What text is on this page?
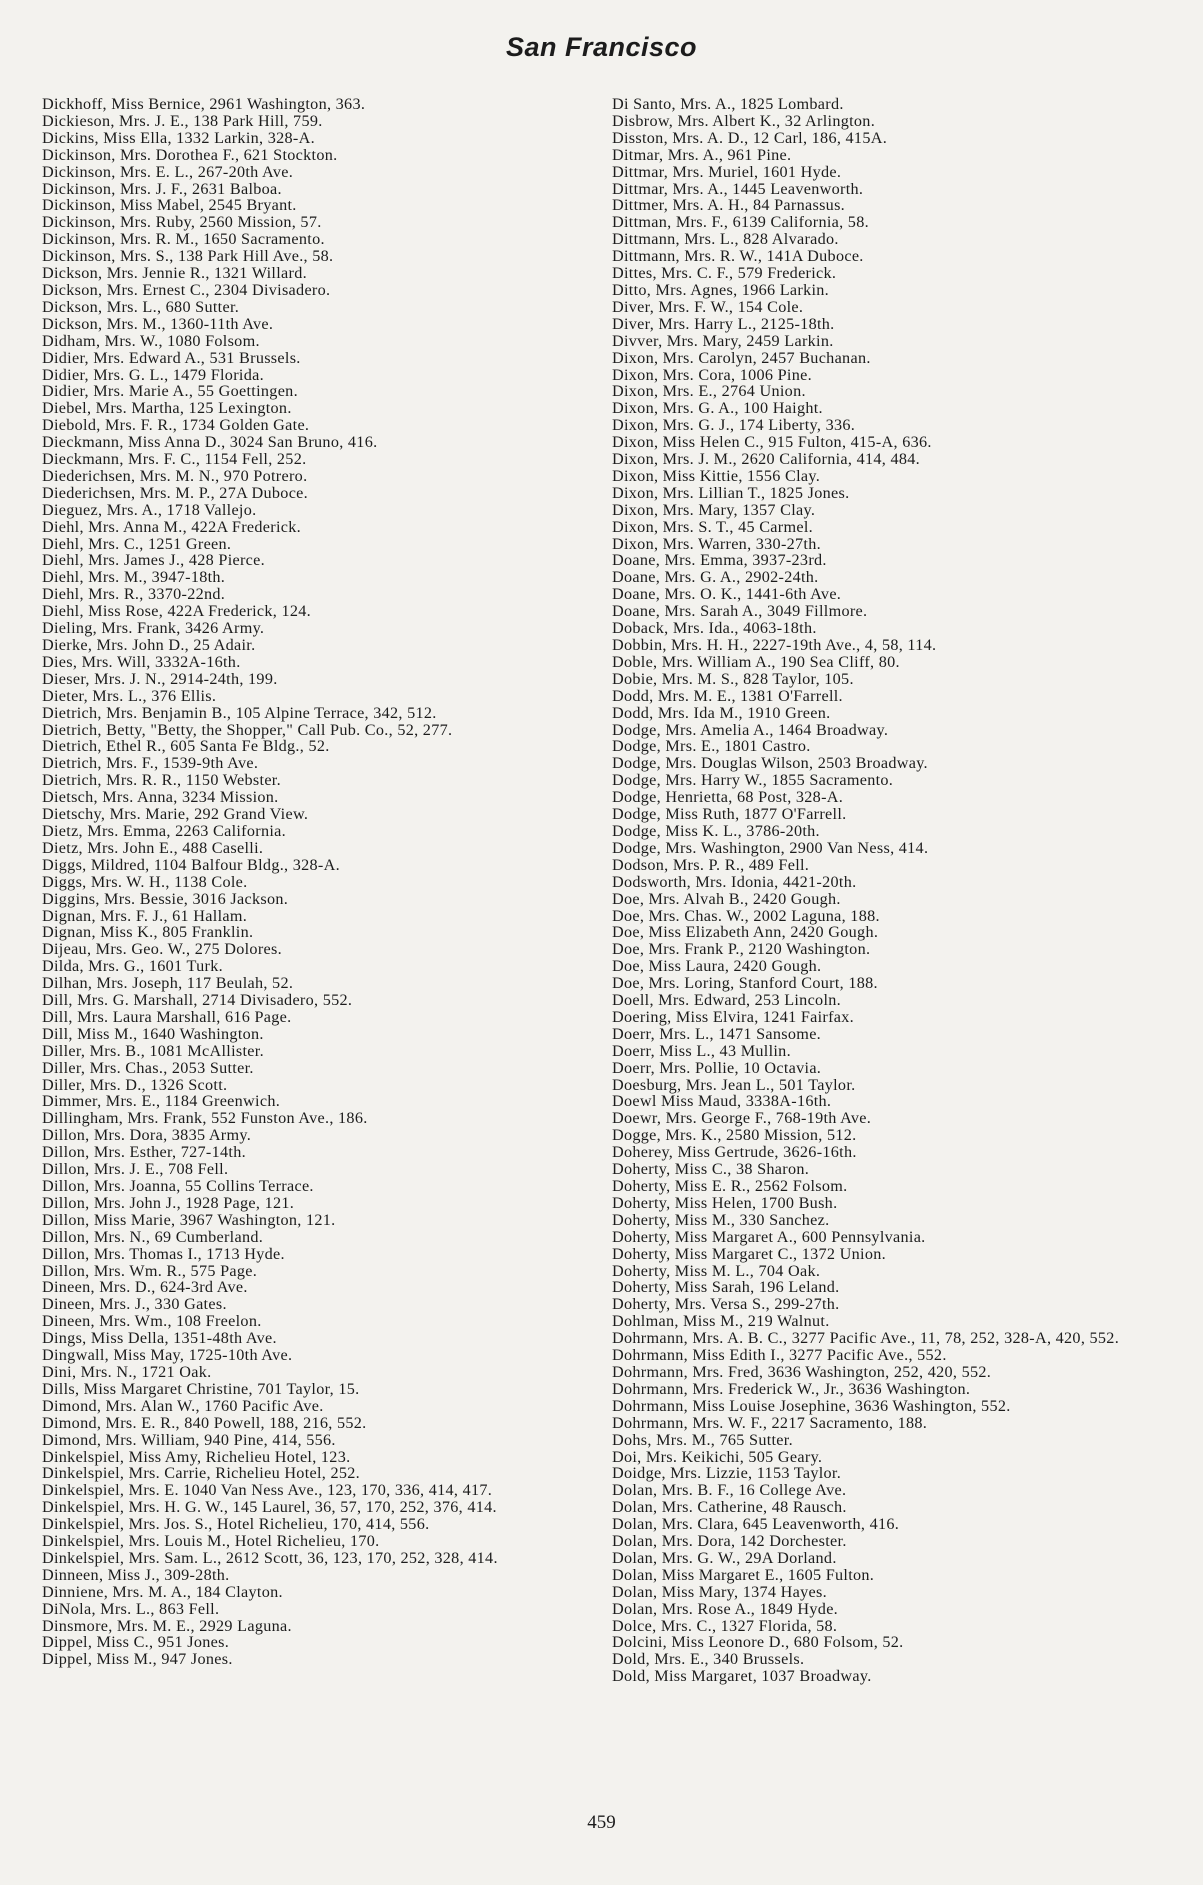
San Francisco

Dickhoff, Miss Bernice, 2961 Washington, 363.

Dickieson, Mrs. J. E., 138 Park Hill, 759.

Dickins, Miss Ella, 1332 Larkin, 328-A.

Dickinson, Mrs. Dorothea F., 621 Stockton.

Dickinson, Mrs. E. L., 267-20th Ave.

Dickinson, Mrs. J. F., 2631 Balboa.

Dickinson, Miss Mabel, 2545 Bryant.

Dickinson, Mrs. Ruby, 2560 Mission, 57.

Dickinson, Mrs. R. M., 1650 Sacramento.

Dickinson, Mrs. S., 138 Park Hill Ave., 58.

Dickson, Mrs. Jennie R., 1321 Willard.

Dickson, Mrs. Ernest C., 2304 Divisadero.

Dickson, Mrs. L., 680 Sutter.

Dickson, Mrs. M., 1360-11th Ave.

Didham, Mrs. W., 1080 Folsom.

Didier, Mrs. Edward A., 531 Brussels.

Didier, Mrs. G. L., 1479 Florida.

Didier, Mrs. Marie A., 55 Goettingen.

Diebel, Mrs. Martha, 125 Lexington.

Diebold, Mrs. F. R., 1734 Golden Gate.

Dieckmann, Miss Anna D., 3024 San Bruno, 416.

Dieckmann, Mrs. F. C., 1154 Fell, 252.

Diederichsen, Mrs. M. N., 970 Potrero.

Diederichsen, Mrs. M. P., 27A Duboce.

Dieguez, Mrs. A., 1718 Vallejo.

Diehl, Mrs. Anna M., 422A Frederick.

Diehl, Mrs. C., 1251 Green.

Diehl, Mrs. James J., 428 Pierce.

Diehl, Mrs. M., 3947-18th.

Diehl, Mrs. R., 3370-22nd.

Diehl, Miss Rose, 422A Frederick, 124.

Dieling, Mrs. Frank, 3426 Army.

Dierke, Mrs. John D., 25 Adair.

Dies, Mrs. Will, 3332A-16th.

Dieser, Mrs. J. N., 2914-24th, 199.

Dieter, Mrs. L., 376 Ellis.

Dietrich, Mrs. Benjamin B., 105 Alpine Terrace, 342, 512.

Dietrich, Betty, "Betty, the Shopper," Call Pub. Co., 52, 277.

Dietrich, Ethel R., 605 Santa Fe Bldg., 52.

Dietrich, Mrs. F., 1539-9th Ave.

Dietrich, Mrs. R. R., 1150 Webster.

Dietsch, Mrs. Anna, 3234 Mission.

Dietschy, Mrs. Marie, 292 Grand View.

Dietz, Mrs. Emma, 2263 California.

Dietz, Mrs. John E., 488 Caselli.

Diggs, Mildred, 1104 Balfour Bldg., 328-A.

Diggs, Mrs. W. H., 1138 Cole.

Diggins, Mrs. Bessie, 3016 Jackson.

Dignan, Mrs. F. J., 61 Hallam.

Dignan, Miss K., 805 Franklin.

Dijeau, Mrs. Geo. W., 275 Dolores.

Dilda, Mrs. G., 1601 Turk.

Dilhan, Mrs. Joseph, 117 Beulah, 52.

Dill, Mrs. G. Marshall, 2714 Divisadero, 552.

Dill, Mrs. Laura Marshall, 616 Page.

Dill, Miss M., 1640 Washington.

Diller, Mrs. B., 1081 McAllister.

Diller, Mrs. Chas., 2053 Sutter.

Diller, Mrs. D., 1326 Scott.

Dimmer, Mrs. E., 1184 Greenwich.

Dillingham, Mrs. Frank, 552 Funston Ave., 186.

Dillon, Mrs. Dora, 3835 Army.

Dillon, Mrs. Esther, 727-14th.

Dillon, Mrs. J. E., 708 Fell.

Dillon, Mrs. Joanna, 55 Collins Terrace.

Dillon, Mrs. John J., 1928 Page, 121.

Dillon, Miss Marie, 3967 Washington, 121.

Dillon, Mrs. N., 69 Cumberland.

Dillon, Mrs. Thomas I., 1713 Hyde.

Dillon, Mrs. Wm. R., 575 Page.

Dineen, Mrs. D., 624-3rd Ave.

Dineen, Mrs. J., 330 Gates.

Dineen, Mrs. Wm., 108 Freelon.

Dings, Miss Della, 1351-48th Ave.

Dingwall, Miss May, 1725-10th Ave.

Dini, Mrs. N., 1721 Oak.

Dills, Miss Margaret Christine, 701 Taylor, 15.

Dimond, Mrs. Alan W., 1760 Pacific Ave.

Dimond, Mrs. E. R., 840 Powell, 188, 216, 552.

Dimond, Mrs. William, 940 Pine, 414, 556.

Dinkelspiel, Miss Amy, Richelieu Hotel, 123.

Dinkelspiel, Mrs. Carrie, Richelieu Hotel, 252.

Dinkelspiel, Mrs. E. 1040 Van Ness Ave., 123, 170, 336, 414, 417.

Dinkelspiel, Mrs. H. G. W., 145 Laurel, 36, 57, 170, 252, 376, 414.

Dinkelspiel, Mrs. Jos. S., Hotel Richelieu, 170, 414, 556.

Dinkelspiel, Mrs. Louis M., Hotel Richelieu, 170.

Dinkelspiel, Mrs. Sam. L., 2612 Scott, 36, 123, 170, 252, 328, 414.

Dinneen, Miss J., 309-28th.

Dinniene, Mrs. M. A., 184 Clayton.

DiNola, Mrs. L., 863 Fell.

Dinsmore, Mrs. M. E., 2929 Laguna.

Dippel, Miss C., 951 Jones.

Dippel, Miss M., 947 Jones.

Di Santo, Mrs. A., 1825 Lombard.

Disbrow, Mrs. Albert K., 32 Arlington.

Disston, Mrs. A. D., 12 Carl, 186, 415A.

Ditmar, Mrs. A., 961 Pine.

Dittmar, Mrs. Muriel, 1601 Hyde.

Dittmar, Mrs. A., 1445 Leavenworth.

Dittmer, Mrs. A. H., 84 Parnassus.

Dittman, Mrs. F., 6139 California, 58.

Dittmann, Mrs. L., 828 Alvarado.

Dittmann, Mrs. R. W., 141A Duboce.

Dittes, Mrs. C. F., 579 Frederick.

Ditto, Mrs. Agnes, 1966 Larkin.

Diver, Mrs. F. W., 154 Cole.

Diver, Mrs. Harry L., 2125-18th.

Divver, Mrs. Mary, 2459 Larkin.

Dixon, Mrs. Carolyn, 2457 Buchanan.

Dixon, Mrs. Cora, 1006 Pine.

Dixon, Mrs. E., 2764 Union.

Dixon, Mrs. G. A., 100 Haight.

Dixon, Mrs. G. J., 174 Liberty, 336.

Dixon, Miss Helen C., 915 Fulton, 415-A, 636.

Dixon, Mrs. J. M., 2620 California, 414, 484.

Dixon, Miss Kittie, 1556 Clay.

Dixon, Mrs. Lillian T., 1825 Jones.

Dixon, Mrs. Mary, 1357 Clay.

Dixon, Mrs. S. T., 45 Carmel.

Dixon, Mrs. Warren, 330-27th.

Doane, Mrs. Emma, 3937-23rd.

Doane, Mrs. G. A., 2902-24th.

Doane, Mrs. O. K., 1441-6th Ave.

Doane, Mrs. Sarah A., 3049 Fillmore.

Doback, Mrs. Ida., 4063-18th.

Dobbin, Mrs. H. H., 2227-19th Ave., 4, 58, 114.

Doble, Mrs. William A., 190 Sea Cliff, 80.

Dobie, Mrs. M. S., 828 Taylor, 105.

Dodd, Mrs. M. E., 1381 O'Farrell.

Dodd, Mrs. Ida M., 1910 Green.

Dodge, Mrs. Amelia A., 1464 Broadway.

Dodge, Mrs. E., 1801 Castro.

Dodge, Mrs. Douglas Wilson, 2503 Broadway.

Dodge, Mrs. Harry W., 1855 Sacramento.

Dodge, Henrietta, 68 Post, 328-A.

Dodge, Miss Ruth, 1877 O'Farrell.

Dodge, Miss K. L., 3786-20th.

Dodge, Mrs. Washington, 2900 Van Ness, 414.

Dodson, Mrs. P. R., 489 Fell.

Dodsworth, Mrs. Idonia, 4421-20th.

Doe, Mrs. Alvah B., 2420 Gough.

Doe, Mrs. Chas. W., 2002 Laguna, 188.

Doe, Miss Elizabeth Ann, 2420 Gough.

Doe, Mrs. Frank P., 2120 Washington.

Doe, Miss Laura, 2420 Gough.

Doe, Mrs. Loring, Stanford Court, 188.

Doell, Mrs. Edward, 253 Lincoln.

Doering, Miss Elvira, 1241 Fairfax.

Doerr, Mrs. L., 1471 Sansome.

Doerr, Miss L., 43 Mullin.

Doerr, Mrs. Pollie, 10 Octavia.

Doesburg, Mrs. Jean L., 501 Taylor.

Doewl Miss Maud, 3338A-16th.

Doewr, Mrs. George F., 768-19th Ave.

Dogge, Mrs. K., 2580 Mission, 512.

Doherey, Miss Gertrude, 3626-16th.

Doherty, Miss C., 38 Sharon.

Doherty, Miss E. R., 2562 Folsom.

Doherty, Miss Helen, 1700 Bush.

Doherty, Miss M., 330 Sanchez.

Doherty, Miss Margaret A., 600 Pennsylvania.

Doherty, Miss Margaret C., 1372 Union.

Doherty, Miss M. L., 704 Oak.

Doherty, Miss Sarah, 196 Leland.

Doherty, Mrs. Versa S., 299-27th.

Dohlman, Miss M., 219 Walnut.

Dohrmann, Mrs. A. B. C., 3277 Pacific Ave., 11, 78, 252, 328-A, 420, 552.

Dohrmann, Miss Edith I., 3277 Pacific Ave., 552.

Dohrmann, Mrs. Fred, 3636 Washington, 252, 420, 552.

Dohrmann, Mrs. Frederick W., Jr., 3636 Washington.

Dohrmann, Miss Louise Josephine, 3636 Washington, 552.

Dohrmann, Mrs. W. F., 2217 Sacramento, 188.

Dohs, Mrs. M., 765 Sutter.

Doi, Mrs. Keikichi, 505 Geary.

Doidge, Mrs. Lizzie, 1153 Taylor.

Dolan, Mrs. B. F., 16 College Ave.

Dolan, Mrs. Catherine, 48 Rausch.

Dolan, Mrs. Clara, 645 Leavenworth, 416.

Dolan, Mrs. Dora, 142 Dorchester.

Dolan, Mrs. G. W., 29A Dorland.

Dolan, Miss Margaret E., 1605 Fulton.

Dolan, Miss Mary, 1374 Hayes.

Dolan, Mrs. Rose A., 1849 Hyde.

Dolce, Mrs. C., 1327 Florida, 58.

Dolcini, Miss Leonore D., 680 Folsom, 52.

Dold, Mrs. E., 340 Brussels.

Dold, Miss Margaret, 1037 Broadway.

459
